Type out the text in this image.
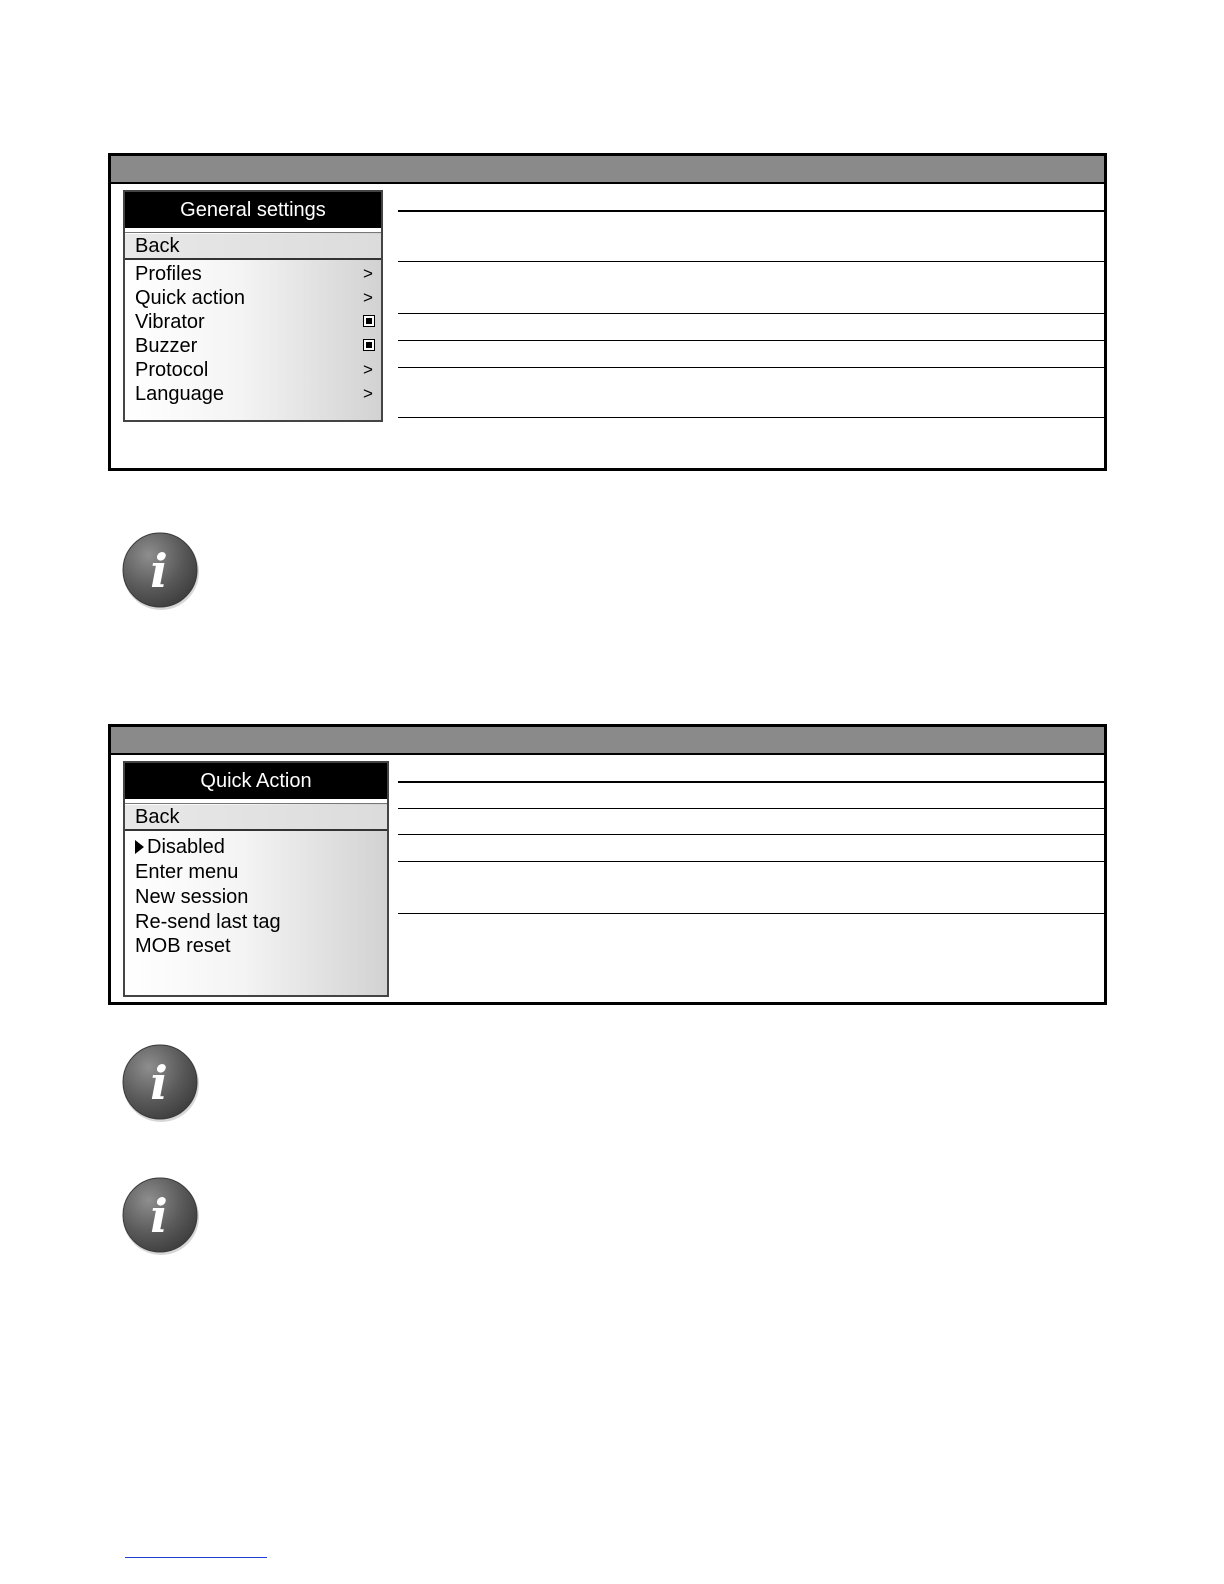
General settings
Back
Profiles	>
Quick action	>
Vibrator
Buzzer
Protocol	>
Language	>
i
Quick Action
Back
Disabled
Enter menu
New session
Re-send last tag
MOB reset
i
i
